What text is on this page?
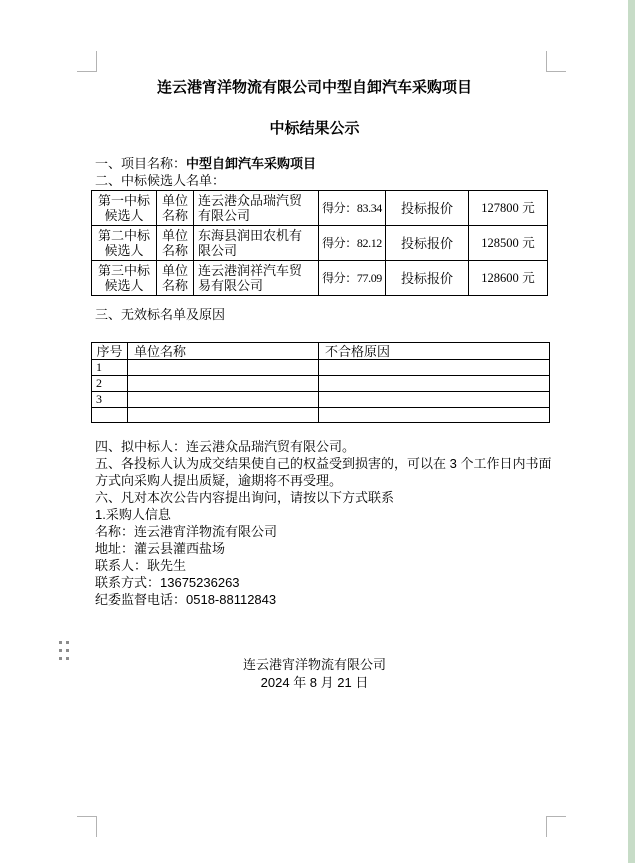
连云港宵洋物流有限公司中型自卸汽车采购项目
中标结果公示
一、项目名称：中型自卸汽车采购项目
二、中标候选人名单：
第一中标候选人	单位名称	连云港众品瑞汽贸有限公司	得分：83.34	投标报价	127800 元
第二中标候选人	单位名称	东海县润田农机有限公司	得分：82.12	投标报价	128500 元
第三中标候选人	单位名称	连云港润祥汽车贸易有限公司	得分：77.09	投标报价	128600 元
三、无效标名单及原因
序号	单位名称	不合格原因
1		
2		
3		

四、拟中标人：连云港众品瑞汽贸有限公司。
五、各投标人认为成交结果使自己的权益受到损害的，可以在 3 个工作日内书面
方式向采购人提出质疑，逾期将不再受理。
六、凡对本次公告内容提出询问，请按以下方式联系
1.采购人信息
名称：连云港宵洋物流有限公司
地址：灌云县灌西盐场
联系人：耿先生
联系方式：13675236263
纪委监督电话：0518-88112843
连云港宵洋物流有限公司
2024 年 8 月 21 日
